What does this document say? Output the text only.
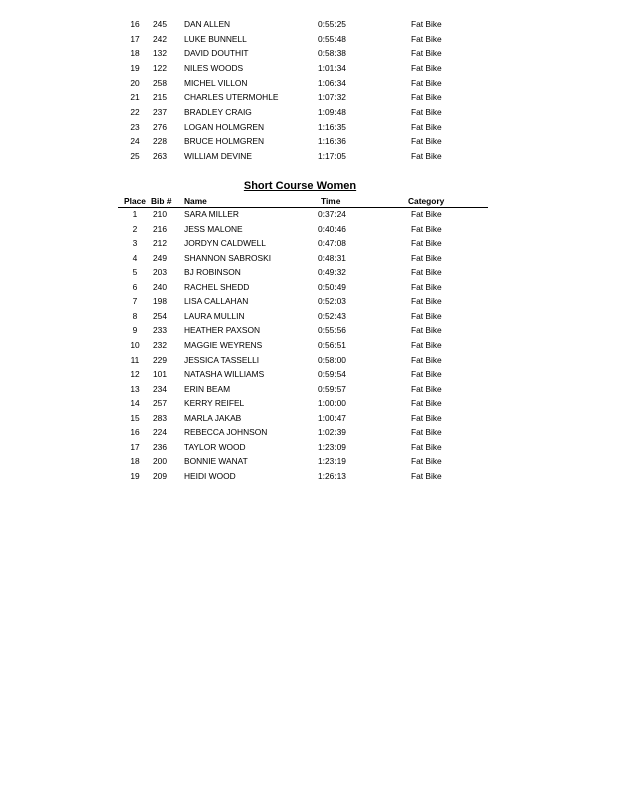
16	245 DAN ALLEN	0:55:25	Fat Bike
17	242 LUKE BUNNELL	0:55:48	Fat Bike
18	132 DAVID DOUTHIT	0:58:38	Fat Bike
19	122 NILES WOODS	1:01:34	Fat Bike
20	258 MICHEL VILLON	1:06:34	Fat Bike
21	215 CHARLES UTERMOHLE	1:07:32	Fat Bike
22	237 BRADLEY CRAIG	1:09:48	Fat Bike
23	276 LOGAN HOLMGREN	1:16:35	Fat Bike
24	228 BRUCE HOLMGREN	1:16:36	Fat Bike
25	263 WILLIAM DEVINE	1:17:05	Fat Bike
Short Course Women
Place Bib #	Name	Time	Category
1	210 SARA MILLER	0:37:24	Fat Bike
2	216 JESS MALONE	0:40:46	Fat Bike
3	212 JORDYN CALDWELL	0:47:08	Fat Bike
4	249 SHANNON SABROSKI	0:48:31	Fat Bike
5	203 BJ ROBINSON	0:49:32	Fat Bike
6	240 RACHEL SHEDD	0:50:49	Fat Bike
7	198 LISA CALLAHAN	0:52:03	Fat Bike
8	254 LAURA MULLIN	0:52:43	Fat Bike
9	233 HEATHER PAXSON	0:55:56	Fat Bike
10	232 MAGGIE WEYRENS	0:56:51	Fat Bike
11	229 JESSICA TASSELLI	0:58:00	Fat Bike
12	101 NATASHA WILLIAMS	0:59:54	Fat Bike
13	234 ERIN BEAM	0:59:57	Fat Bike
14	257 KERRY REIFEL	1:00:00	Fat Bike
15	283 MARLA JAKAB	1:00:47	Fat Bike
16	224 REBECCA JOHNSON	1:02:39	Fat Bike
17	236 TAYLOR WOOD	1:23:09	Fat Bike
18	200 BONNIE WANAT	1:23:19	Fat Bike
19	209 HEIDI WOOD	1:26:13	Fat Bike
